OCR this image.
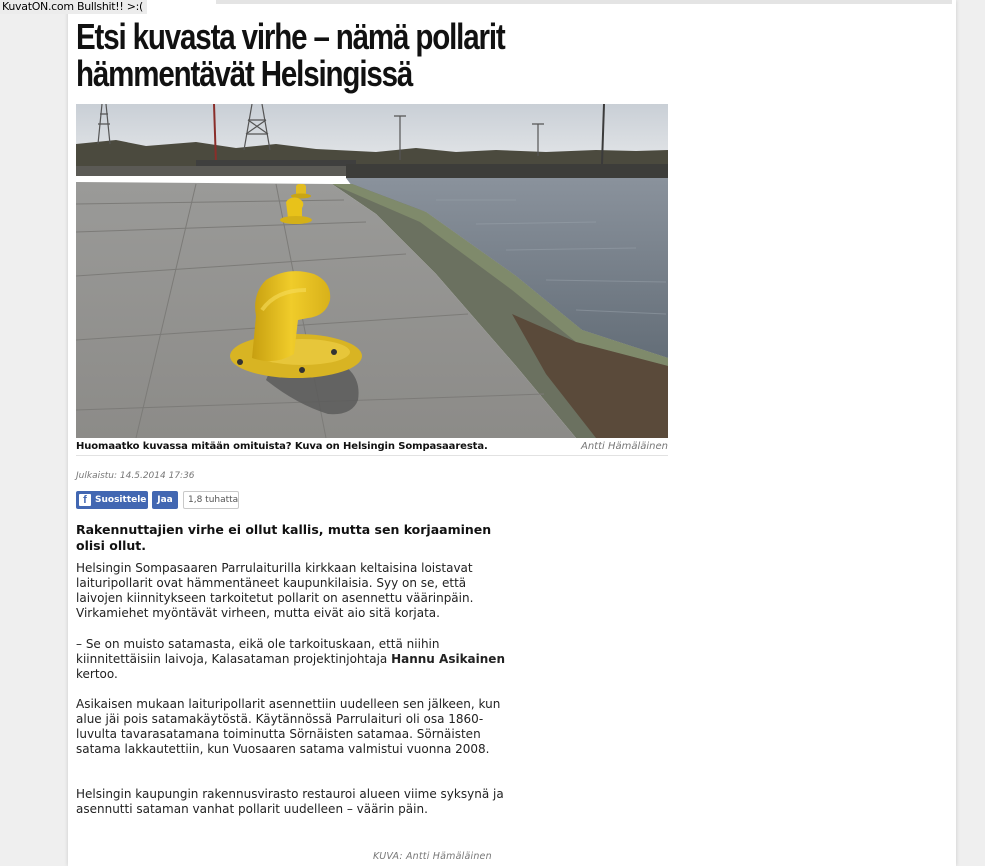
KuvatON.com Bullshit!! >:(
Etsi kuvasta virhe – nämä pollarit
hämmentävät Helsingissä
Huomaatko kuvassa mitään omituista? Kuva on Helsingin Sompasaaresta.	Antti Hämäläinen
Julkaistu: 14.5.2014 17:36
f Suosittele	Jaa	1,8 tuhatta
Rakennuttajien virhe ei ollut kallis, mutta sen korjaaminen olisi ollut.
Helsingin Sompasaaren Parrulaiturilla kirkkaan keltaisina loistavat laituripollarit ovat hämmentäneet kaupunkilaisia. Syy on se, että laivojen kiinnitykseen tarkoitetut pollarit on asennettu väärinpäin. Virkamiehet myöntävät virheen, mutta eivät aio sitä korjata.
– Se on muisto satamasta, eikä ole tarkoituskaan, että niihin kiinnitettäisiin laivoja, Kalasataman projektinjohtaja Hannu Asikainen kertoo.
Asikaisen mukaan laituripollarit asennettiin uudelleen sen jälkeen, kun alue jäi pois satamakäytöstä. Käytännössä Parrulaituri oli osa 1860-luvulta tavarasatamana toiminutta Sörnäisten satamaa. Sörnäisten satama lakkautettiin, kun Vuosaaren satama valmistui vuonna 2008.
Helsingin kaupungin rakennusvirasto restauroi alueen viime syksynä ja asennutti sataman vanhat pollarit uudelleen – väärin päin.
KUVA: Antti Hämäläinen
